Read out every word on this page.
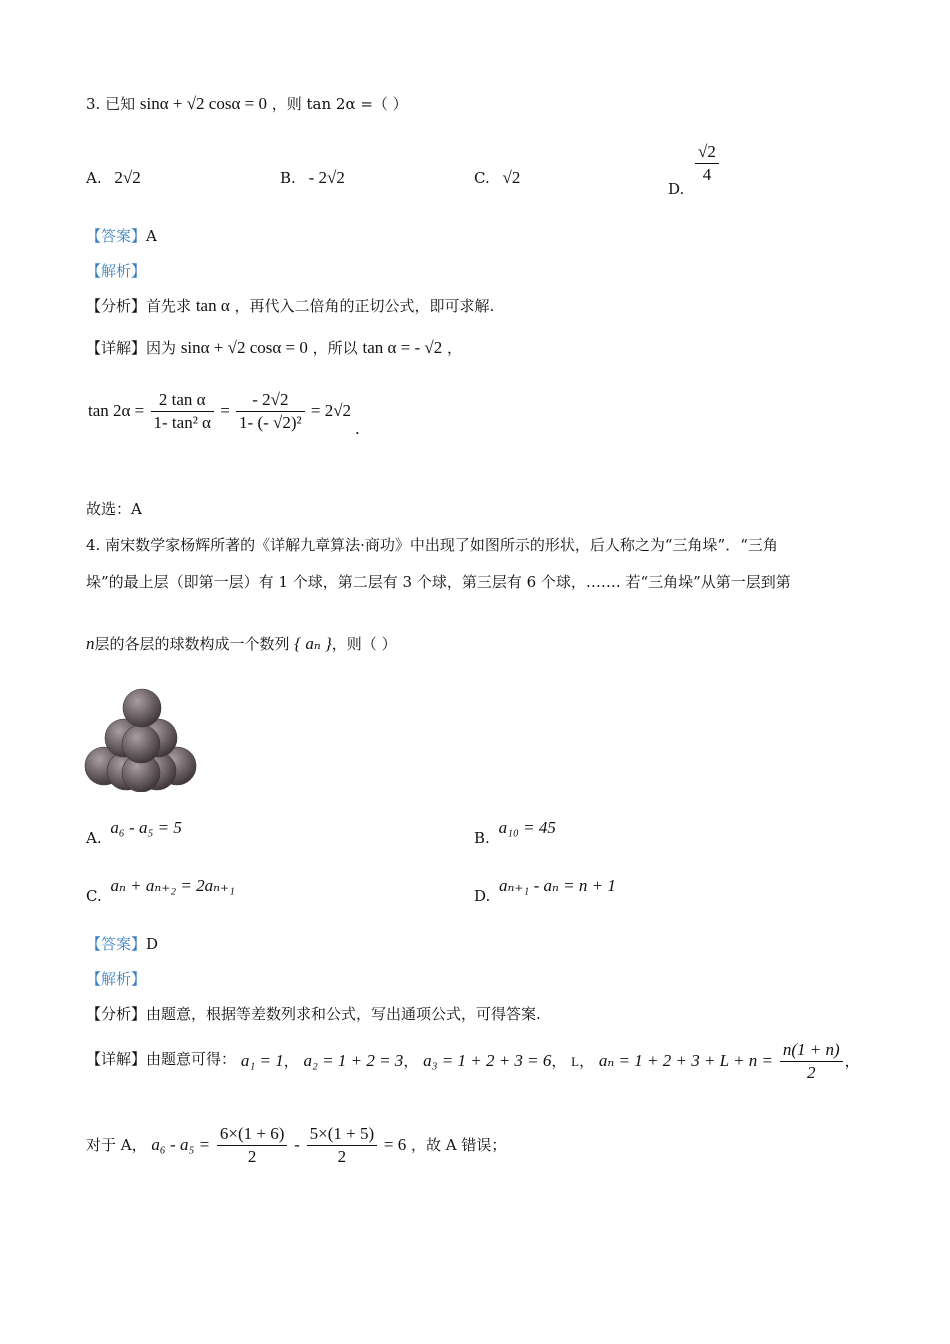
3. 已知 sinα + √2 cosα = 0 ，则 tan 2α =（ ）
A. 2√2	B. - 2√2	C. √2
D.
$\frac{√2}{4}$
【答案】A
【解析】
【分析】首先求 tan α ，再代入二倍角的正切公式，即可求解.
【详解】因为 sinα + √2 cosα = 0 ，所以 tan α = - √2 ，
$\tan 2\alpha = \frac{\text{2 tan α}}{\text{1- tan² α}} = \frac{- 2√2}{\text{1- (- √2)²}} = 2√2$ .
故选：A
4. 南宋数学家杨辉所著的《详解九章算法·商功》中出现了如图所示的形状，后人称之为“三角垛”．“三角
垛”的最上层（即第一层）有 1 个球，第二层有 3 个球，第三层有 6 个球，……. 若“三角垛”从第一层到第
n层的各层的球数构成一个数列 { aₙ }，则（ ）
A. a₆ - a₅ = 5
B. a₁₀ = 45
C. aₙ + aₙ₊₂ = 2aₙ₊₁
D. aₙ₊₁ - aₙ = n + 1
【答案】D
【解析】
【分析】由题意，根据等差数列求和公式，写出通项公式，可得答案.
【详解】由题意可得： a₁ = 1， a₂ = 1 + 2 = 3， a₃ = 1 + 2 + 3 = 6， L， $a_n = 1 + 2 + 3 + L + n = \frac{n(1 + n)}{2}$ ，
对于 A， $a_6 - a_5 = \frac{6\times(1 + 6)}{2} - \frac{5\times(1 + 5)}{2} = 6$ ，故 A 错误；
